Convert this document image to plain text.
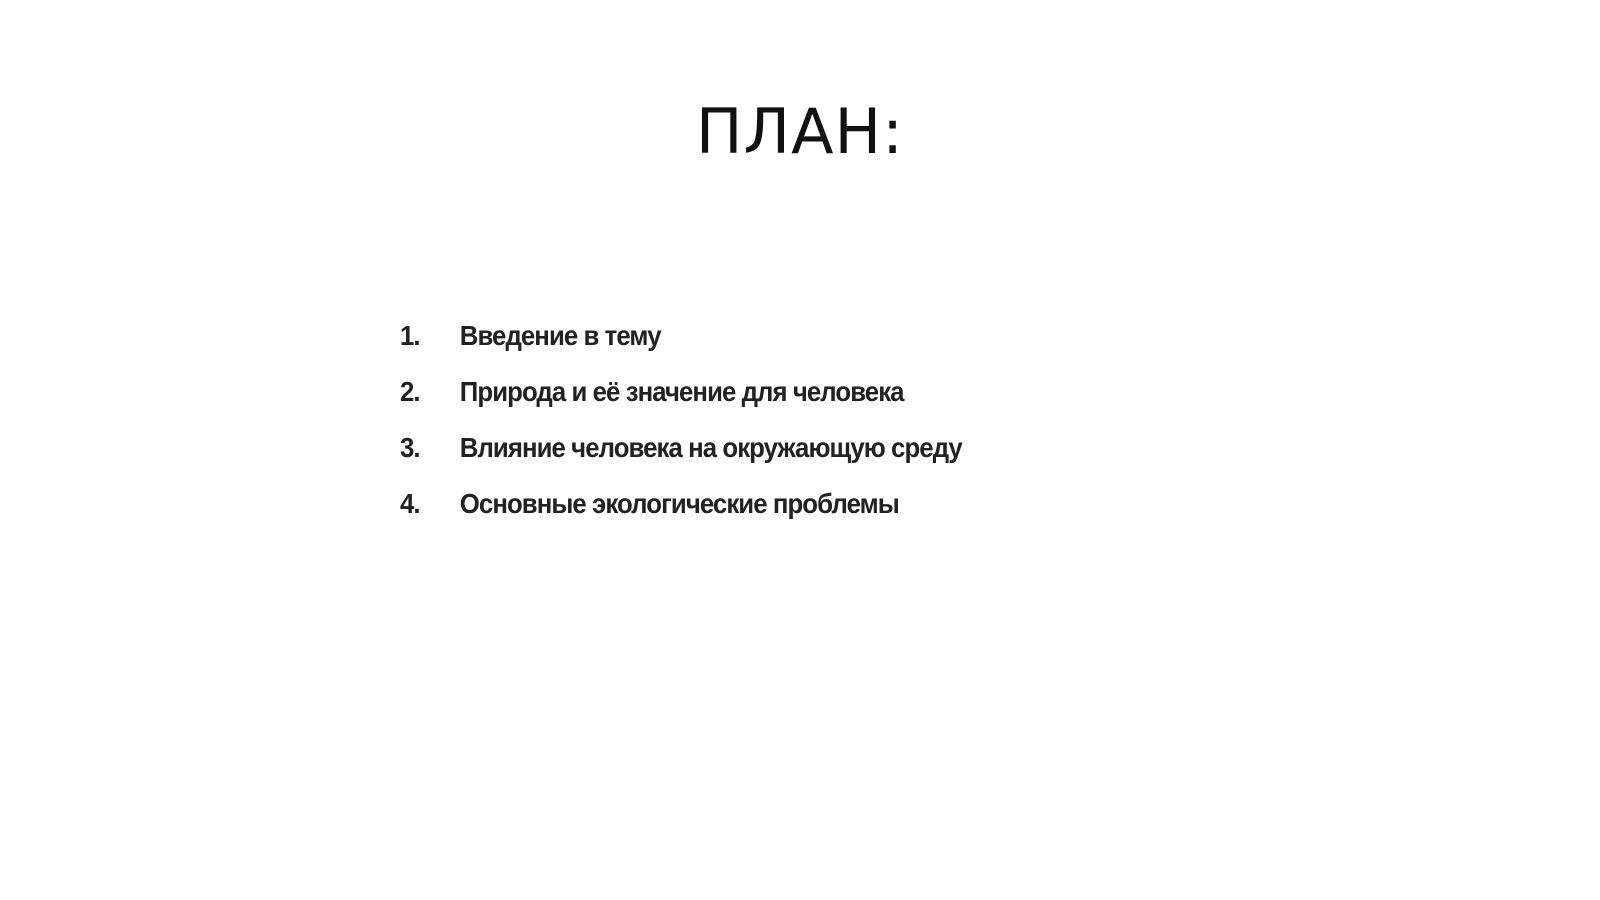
ПЛАН:
1.	Введение в тему
2.	Природа и её значение для человека
3.	Влияние человека на окружающую среду
4.	Основные экологические проблемы
